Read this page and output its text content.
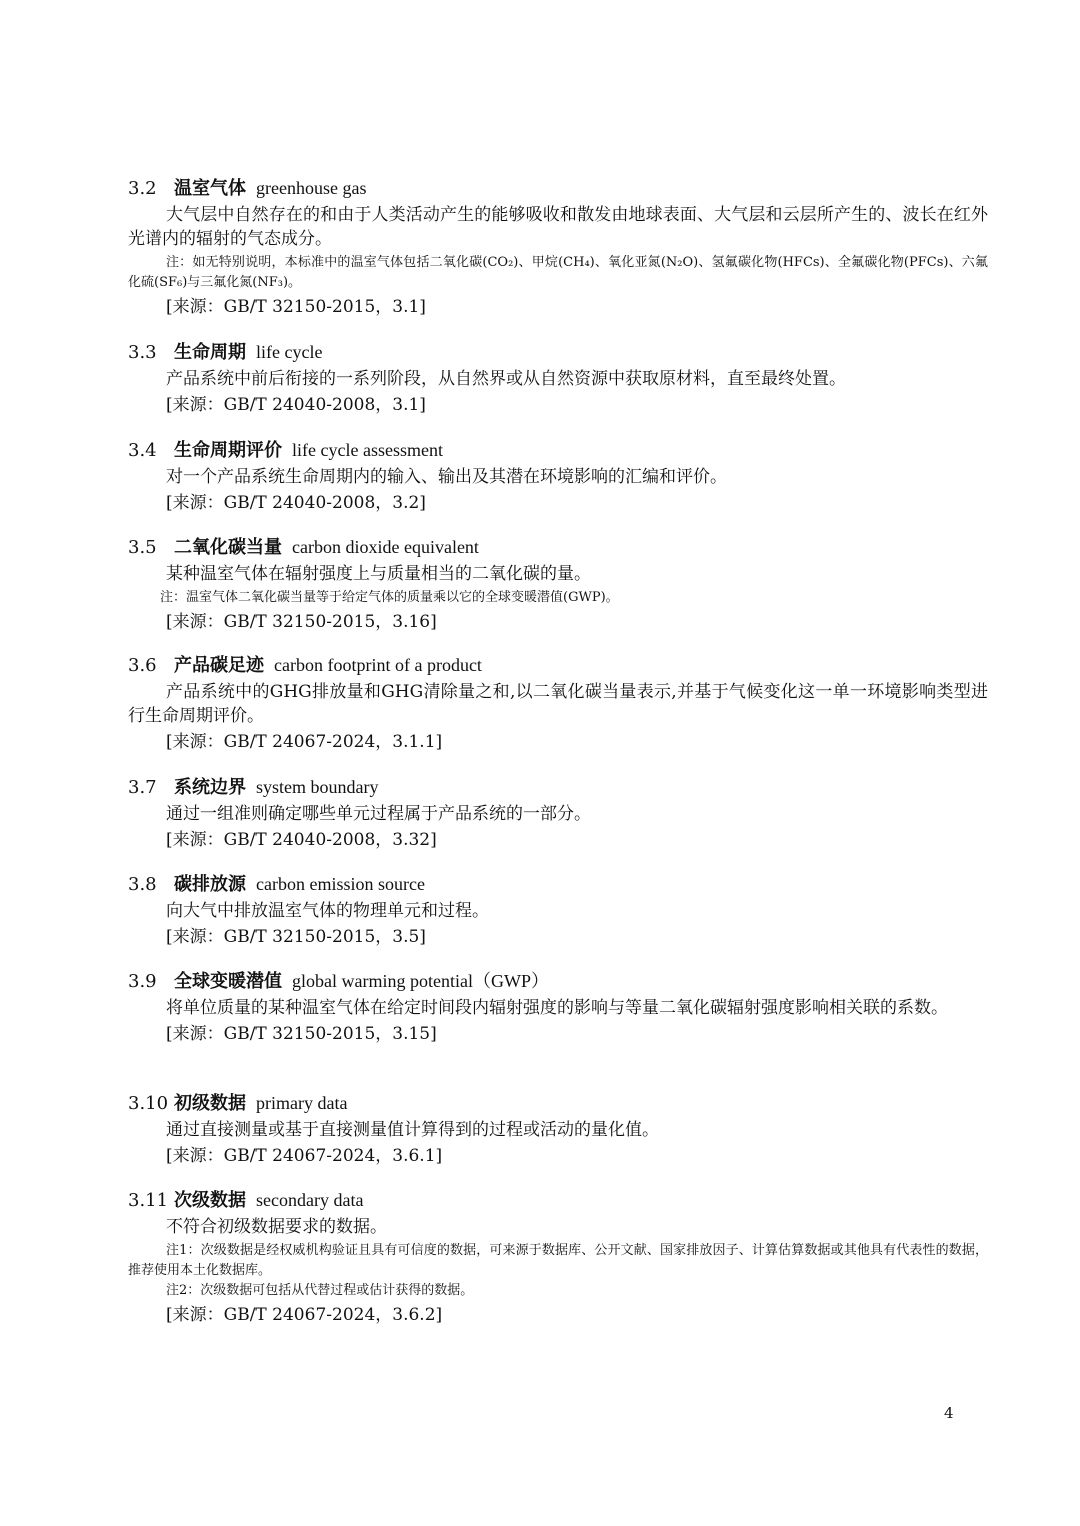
3.2 温室气体 greenhouse gas

大气层中自然存在的和由于人类活动产生的能够吸收和散发由地球表面、大气层和云层所产生的、波长在红外光谱内的辐射的气态成分。

注：如无特别说明，本标准中的温室气体包括二氧化碳(CO₂)、甲烷(CH₄)、氧化亚氮(N₂O)、氢氟碳化物(HFCs)、全氟碳化物(PFCs)、六氟化硫(SF₆)与三氟化氮(NF₃)。

[来源：GB/T 32150-2015，3.1]
3.3 生命周期 life cycle

产品系统中前后衔接的一系列阶段，从自然界或从自然资源中获取原材料，直至最终处置。

[来源：GB/T 24040-2008，3.1]
3.4 生命周期评价 life cycle assessment

对一个产品系统生命周期内的输入、输出及其潜在环境影响的汇编和评价。

[来源：GB/T 24040-2008，3.2]
3.5 二氧化碳当量 carbon dioxide equivalent

某种温室气体在辐射强度上与质量相当的二氧化碳的量。

注：温室气体二氧化碳当量等于给定气体的质量乘以它的全球变暖潜值(GWP)。

[来源：GB/T 32150-2015，3.16]
3.6 产品碳足迹 carbon footprint of a product

产品系统中的GHG排放量和GHG清除量之和,以二氧化碳当量表示,并基于气候变化这一单一环境影响类型进行生命周期评价。

[来源：GB/T 24067-2024，3.1.1]
3.7 系统边界 system boundary

通过一组准则确定哪些单元过程属于产品系统的一部分。

[来源：GB/T 24040-2008，3.32]
3.8 碳排放源 carbon emission source

向大气中排放温室气体的物理单元和过程。

[来源：GB/T 32150-2015，3.5]
3.9 全球变暖潜值 global warming potential（GWP）

将单位质量的某种温室气体在给定时间段内辐射强度的影响与等量二氧化碳辐射强度影响相关联的系数。

[来源：GB/T 32150-2015，3.15]
3.10 初级数据 primary data

通过直接测量或基于直接测量值计算得到的过程或活动的量化值。

[来源：GB/T 24067-2024，3.6.1]
3.11 次级数据 secondary data

不符合初级数据要求的数据。

注1：次级数据是经权威机构验证且具有可信度的数据，可来源于数据库、公开文献、国家排放因子、计算估算数据或其他具有代表性的数据，推荐使用本土化数据库。

注2：次级数据可包括从代替过程或估计获得的数据。

[来源：GB/T 24067-2024，3.6.2]
4
